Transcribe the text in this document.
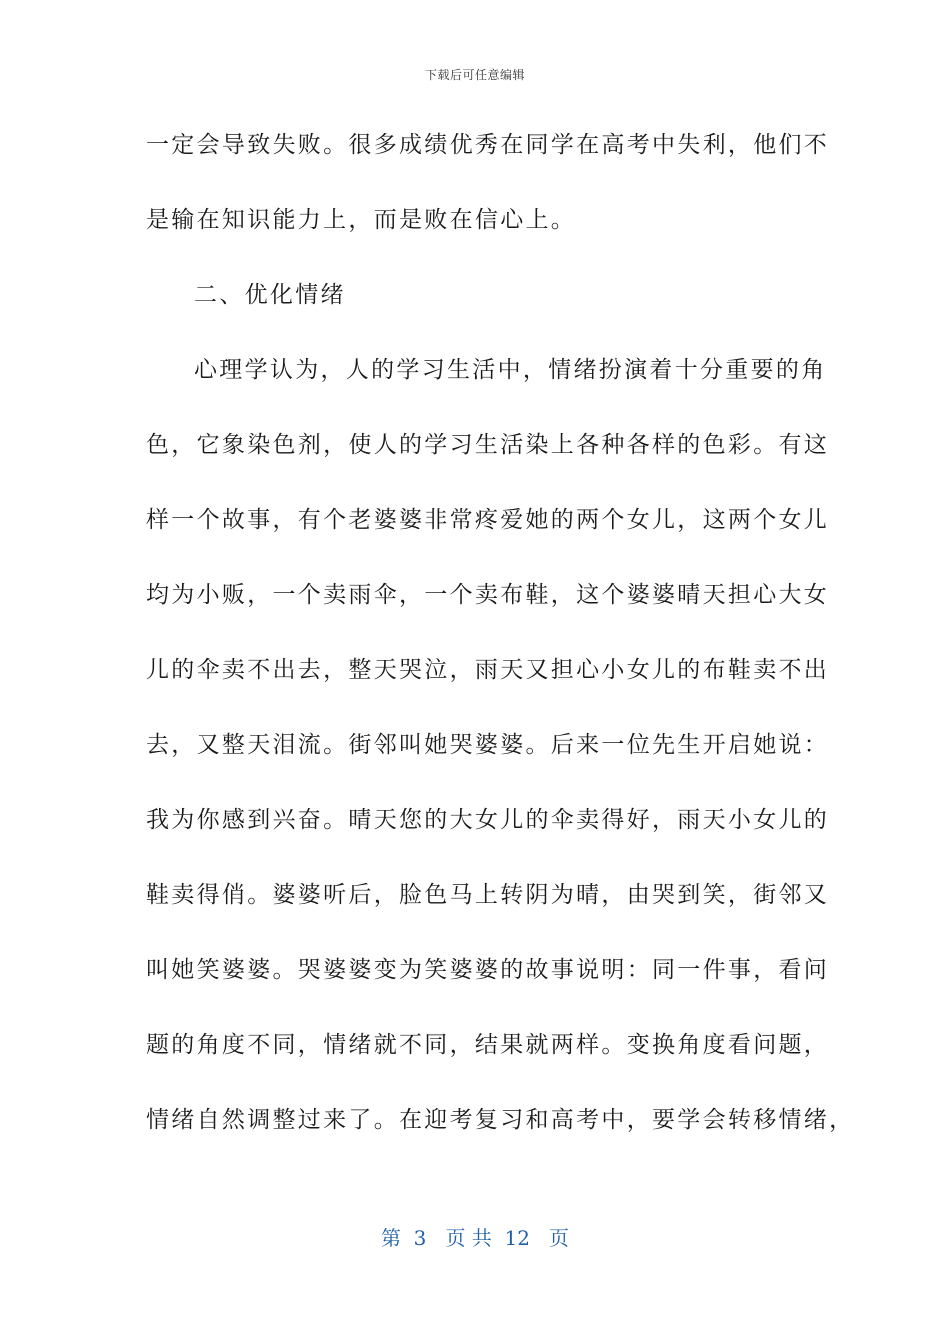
下载后可任意编辑
一定会导致失败。很多成绩优秀在同学在高考中失利，他们不
是输在知识能力上，而是败在信心上。
二、优化情绪
心理学认为，人的学习生活中，情绪扮演着十分重要的角
色，它象染色剂，使人的学习生活染上各种各样的色彩。有这
样一个故事，有个老婆婆非常疼爱她的两个女儿，这两个女儿
均为小贩，一个卖雨伞，一个卖布鞋，这个婆婆晴天担心大女
儿的伞卖不出去，整天哭泣，雨天又担心小女儿的布鞋卖不出
去，又整天泪流。街邻叫她哭婆婆。后来一位先生开启她说：
我为你感到兴奋。晴天您的大女儿的伞卖得好，雨天小女儿的
鞋卖得俏。婆婆听后，脸色马上转阴为晴，由哭到笑，街邻又
叫她笑婆婆。哭婆婆变为笑婆婆的故事说明：同一件事，看问
题的角度不同，情绪就不同，结果就两样。变换角度看问题，
情绪自然调整过来了。在迎考复习和高考中，要学会转移情绪，
第  3   页 共  12   页
